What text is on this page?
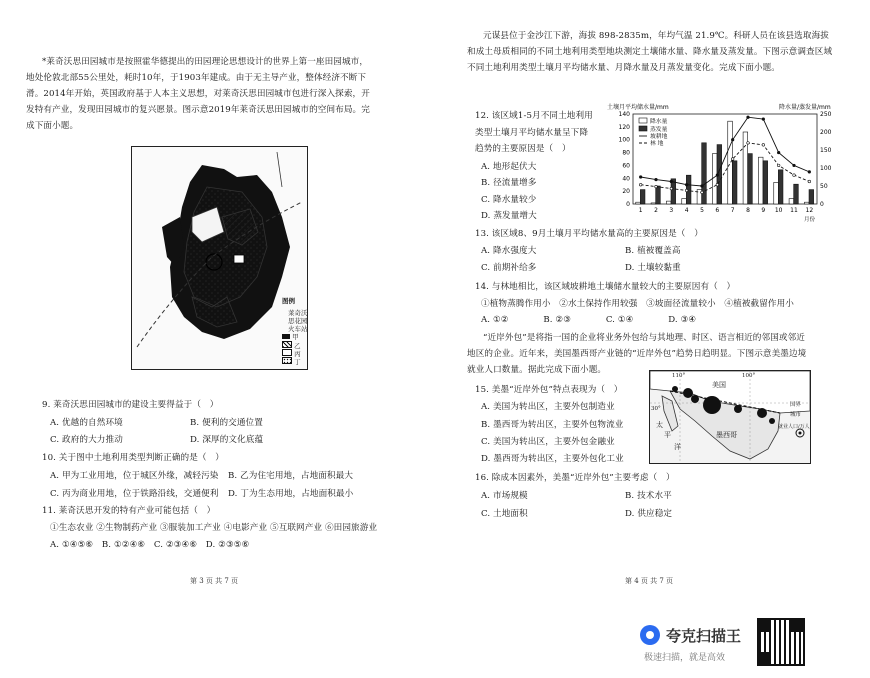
*莱奇沃思田园城市是按照霍华德提出的田园理论思想设计的世界上第一座田园城市，
地处伦敦北部55公里处，耗时10年，于1903年建成。由于无主导产业，整体经济不断下
滑。2014年开始，英国政府基于人本主义思想，对莱奇沃思田园城市包进行深入探索，开
发特有产业，发现田园城市的复兴愿景。图示意2019年莱奇沃思田园城市的空间布局。完
成下面小题。
图例
莱奇沃
思花园
火车站
甲
乙
丙
丁
9. 莱奇沃思田园城市的建设主要得益于（　）
A. 优越的自然环境	B. 便利的交通位置
C. 政府的大力推动	D. 深厚的文化底蕴
10. 关于图中土地利用类型判断正确的是（　）
A. 甲为工业用地，位于城区外缘，减轻污染 B. 乙为住宅用地，占地面积最大
C. 丙为商业用地，位于铁路沿线，交通便利 D. 丁为生态用地，占地面积最小
11. 莱奇沃思开发的特有产业可能包括（　）
①生态农业 ②生物制药产业 ③服装加工产业 ④电影产业 ⑤互联网产业 ⑥田园旅游业
A. ①④⑤⑥　B. ①②④⑥　C. ②③④⑥　D. ②③⑤⑥
第 3 页 共 7 页
元谋县位于金沙江下游，海拔 898-2835m，年均气温 21.9℃。科研人员在该县选取海拔
和成土母质相同的不同土地利用类型地块测定土壤储水量、降水量及蒸发量。下图示意调查区域
不同土地利用类型土壤月平均储水量、月降水量及月蒸发量变化。完成下面小题。
12. 该区域1-5月不同土地利用
类型土壤月平均储水量呈下降
趋势的主要原因是（　）
A. 地形起伏大
B. 径流量增多
C. 降水量较少
D. 蒸发量增大
0
20
40
60
80
100
120
140
0
50
100
150
200
250
1 2 3 4 5 6 7 8 9 10 11 12
土壤月平均储水量/mm	降水量/蒸发量/mm
月份
降水量
蒸发量
坡耕地
林 地
13. 该区域8、9月土壤月平均储水量高的主要原因是（　）
A. 降水强度大	B. 植被覆盖高
C. 前期补给多	D. 土壤较黏重
14. 与林地相比，该区域坡耕地土壤储水量较大的主要原因有（　）
①植物蒸腾作用小　②水土保持作用较强　③坡面径流量较小　④植被截留作用小
A. ①②　　　　B. ②③　　　　C. ①④　　　　D. ③④
“近岸外包”是将指一国的企业将业务外包给与其地理、时区、语言相近的邻国或邻近
地区的企业。近年来，美国墨西哥产业链的“近岸外包”趋势日趋明显。下图示意美墨边境
就业人口数量。据此完成下面小题。
15. 美墨“近岸外包”特点表现为（　）
A. 美国为转出区，主要外包制造业
B. 墨西哥为转出区，主要外包物流业
C. 美国为转出区，主要外包金融业
D. 墨西哥为转出区，主要外包化工业
美国
太
平
洋
墨西哥
110°	100°
30°
国界
城市
就业人口/万人
16. 除成本因素外，美墨“近岸外包”主要考虑（　）
A. 市场规模	B. 技术水平
C. 土地面积	D. 供应稳定
第 4 页 共 7 页
夸克扫描王
极速扫描，就是高效
